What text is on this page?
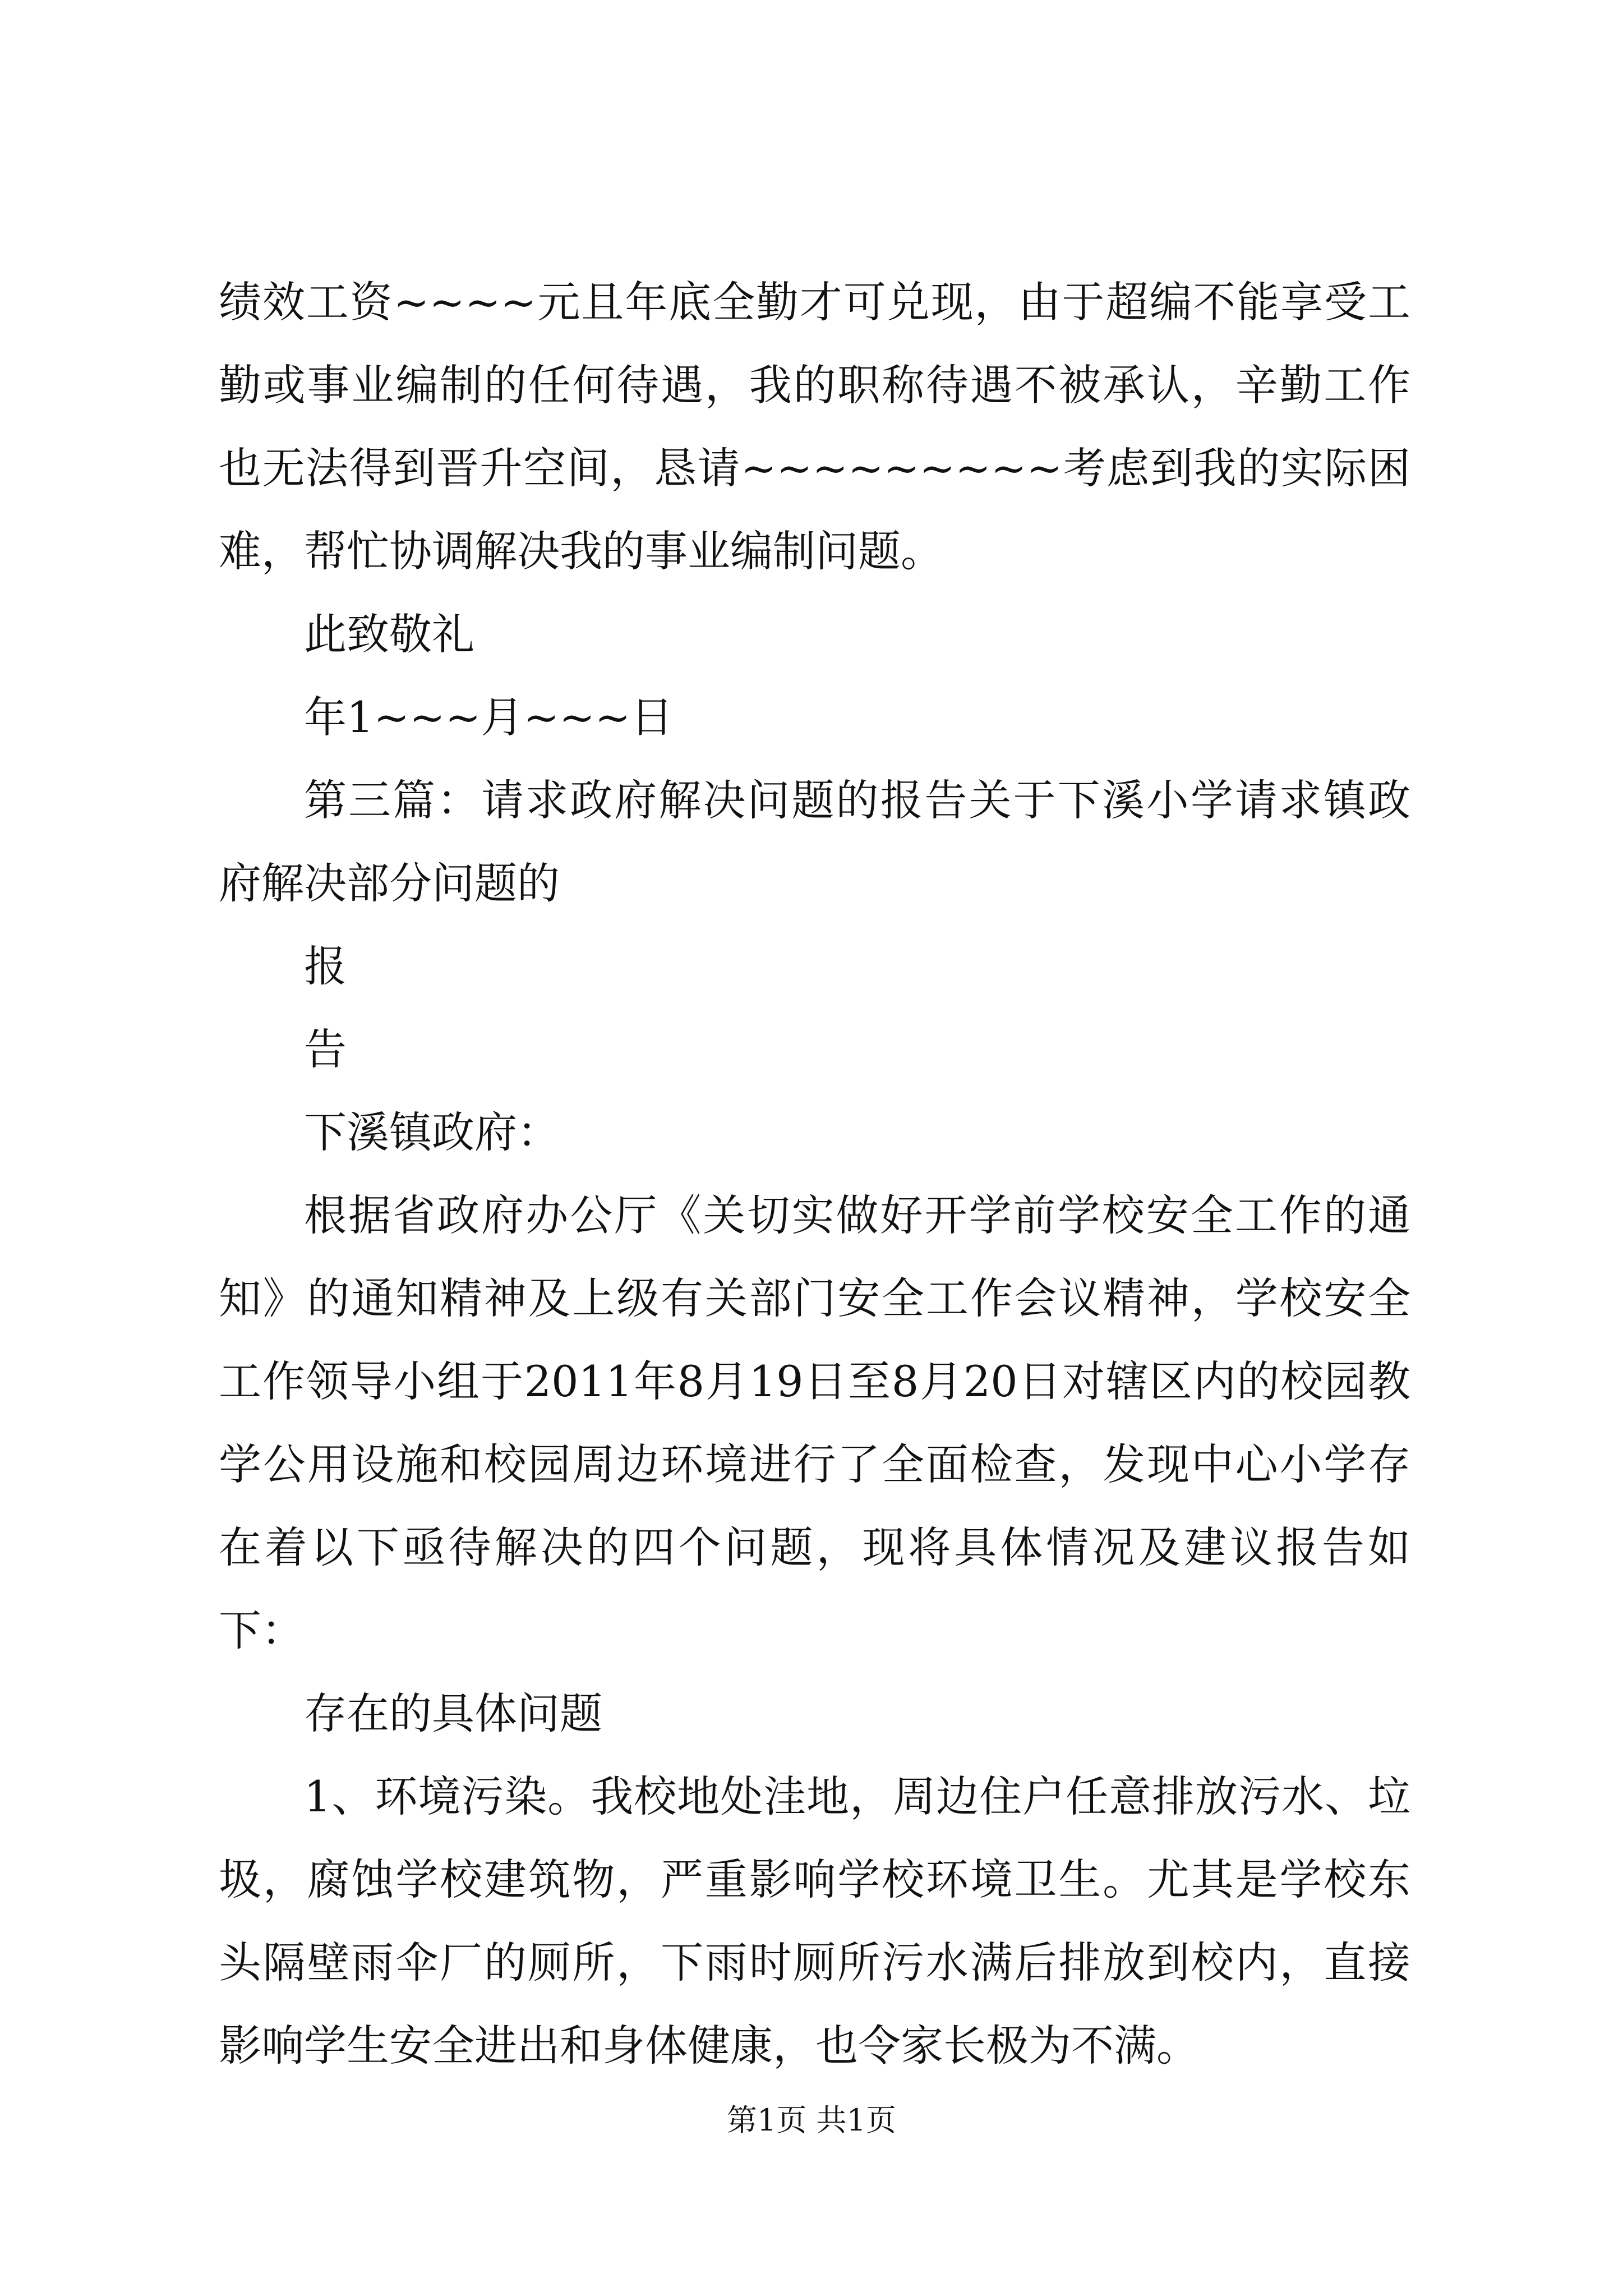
绩效工资~~~~元且年底全勤才可兑现，由于超编不能享受工勤或事业编制的任何待遇，我的职称待遇不被承认，辛勤工作也无法得到晋升空间，恳请~~~~~~~~~考虑到我的实际困难，帮忙协调解决我的事业编制问题。

此致敬礼

年1~~~月~~~日

第三篇：请求政府解决问题的报告关于下溪小学请求镇政府解决部分问题的

报

告

下溪镇政府：

根据省政府办公厅《关切实做好开学前学校安全工作的通知》的通知精神及上级有关部门安全工作会议精神，学校安全工作领导小组于2011年8月19日至8月20日对辖区内的校园教学公用设施和校园周边环境进行了全面检查，发现中心小学存在着以下亟待解决的四个问题，现将具体情况及建议报告如下：

存在的具体问题

1、环境污染。我校地处洼地，周边住户任意排放污水、垃圾，腐蚀学校建筑物，严重影响学校环境卫生。尤其是学校东头隔壁雨伞厂的厕所，下雨时厕所污水满后排放到校内，直接影响学生安全进出和身体健康，也令家长极为不满。

第1页 共1页
